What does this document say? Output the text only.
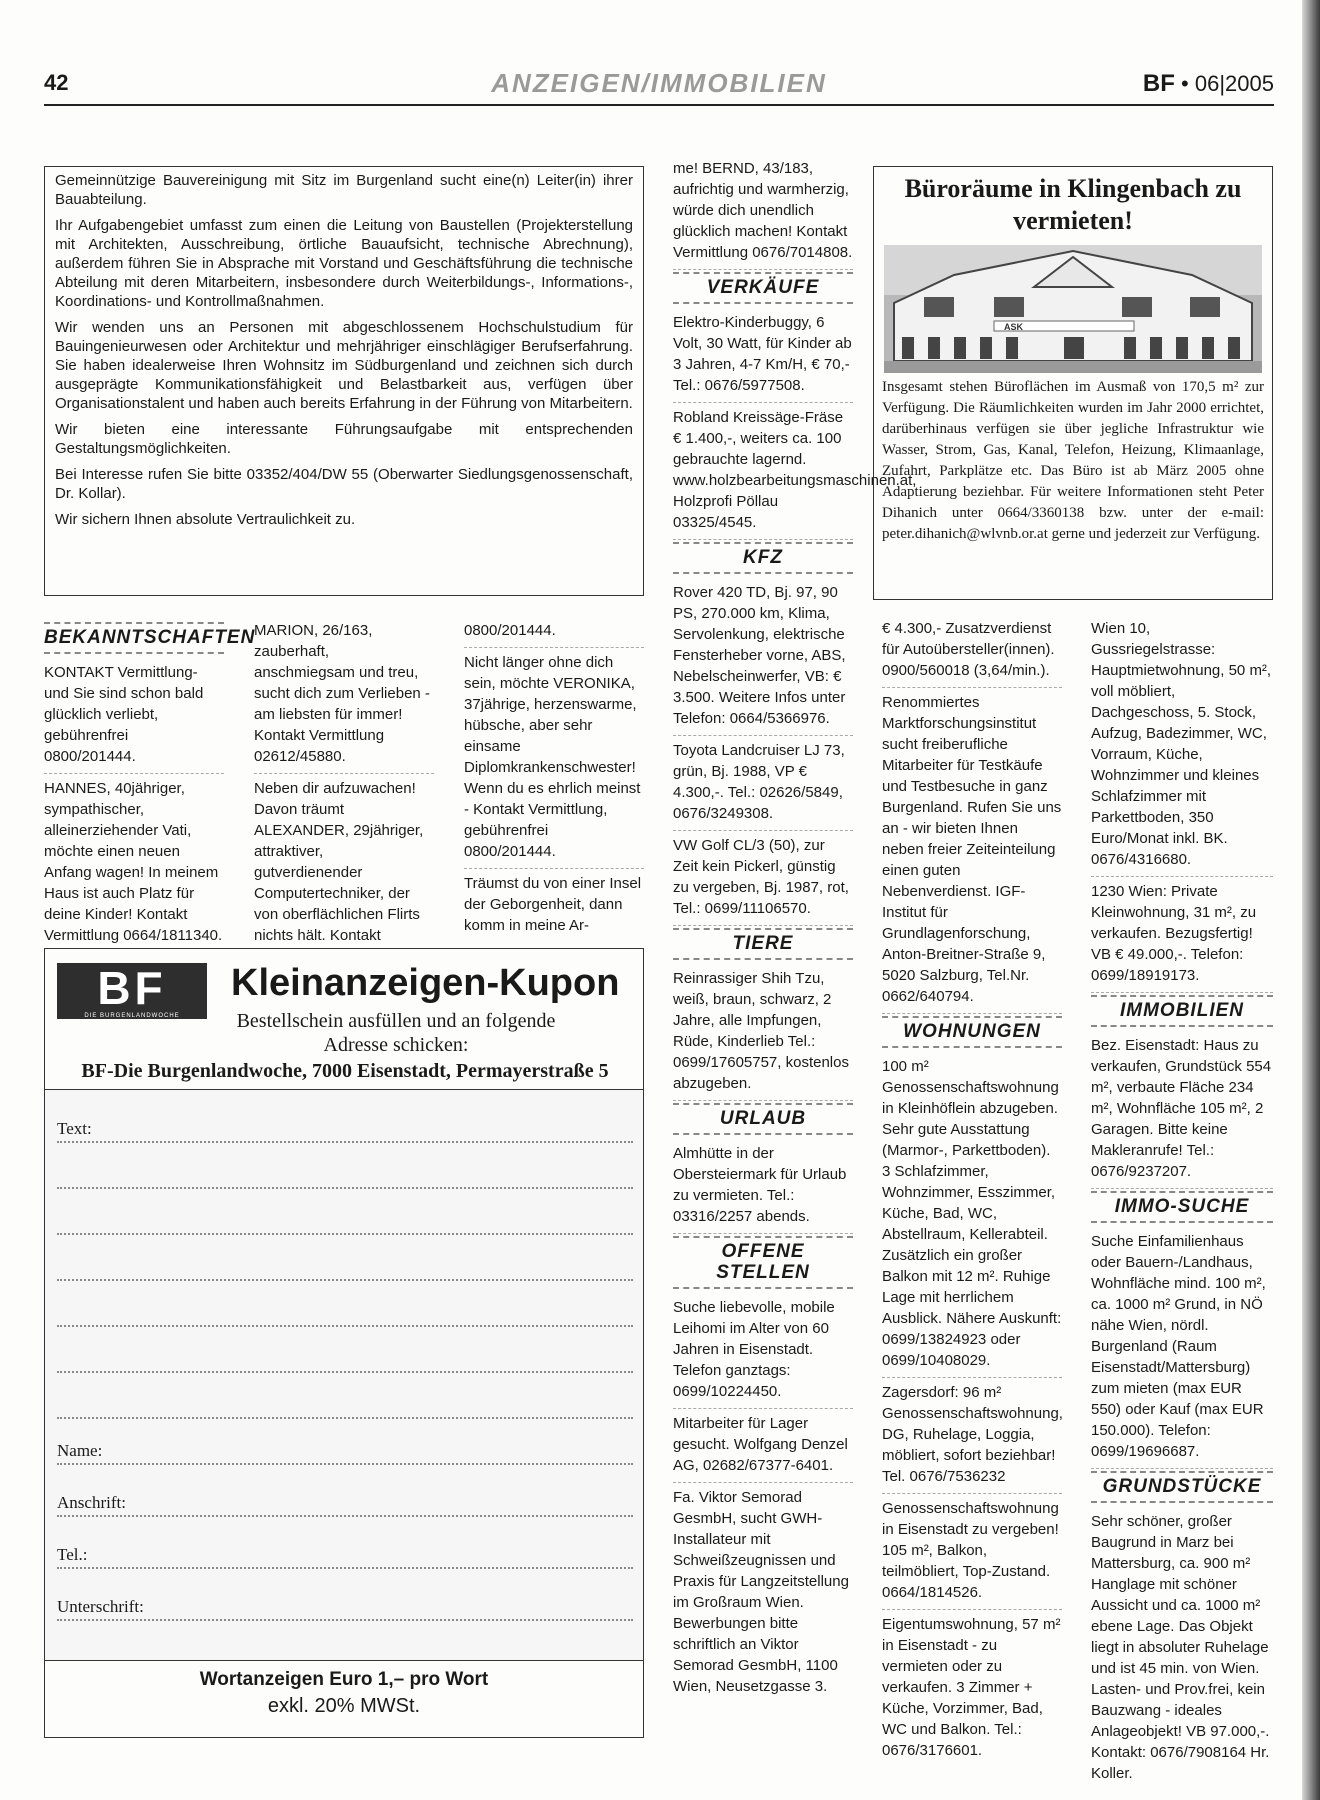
42	ANZEIGEN/IMMOBILIEN	BF • 06|2005

Gemeinnützige Bauvereinigung mit Sitz im Burgenland sucht eine(n) Leiter(in) ihrer Bauabteilung.

Ihr Aufgabengebiet umfasst zum einen die Leitung von Baustellen (Projekterstellung mit Architekten, Ausschreibung, örtliche Bauaufsicht, technische Abrechnung), außerdem führen Sie in Absprache mit Vorstand und Geschäftsführung die technische Abteilung mit deren Mitarbeitern, insbesondere durch Weiterbildungs-, Informations-, Koordinations- und Kontrollmaßnahmen.

Wir wenden uns an Personen mit abgeschlossenem Hochschulstudium für Bauingenieurwesen oder Architektur und mehrjähriger einschlägiger Berufserfahrung. Sie haben idealerweise Ihren Wohnsitz im Südburgenland und zeichnen sich durch ausgeprägte Kommunikationsfähigkeit und Belastbarkeit aus, verfügen über Organisationstalent und haben auch bereits Erfahrung in der Führung von Mitarbeitern.

Wir bieten eine interessante Führungsaufgabe mit entsprechenden Gestaltungsmöglichkeiten.

Bei Interesse rufen Sie bitte 03352/404/DW 55 (Oberwarter Siedlungsgenossenschaft, Dr. Kollar).

Wir sichern Ihnen absolute Vertraulichkeit zu.

BEKANNTSCHAFTEN

KONTAKT Vermittlung- und Sie sind schon bald glücklich verliebt, gebührenfrei 0800/201444.

HANNES, 40jähriger, sympathischer, alleinerziehender Vati, möchte einen neuen Anfang wagen! In meinem Haus ist auch Platz für deine Kinder! Kontakt Vermittlung 0664/1811340.

MARION, 26/163, zauberhaft, anschmiegsam und treu, sucht dich zum Verlieben - am liebsten für immer! Kontakt Vermittlung 02612/45880.

Neben dir aufzuwachen! Davon träumt ALEXANDER, 29jähriger, attraktiver, gutverdienender Computertechniker, der von oberflächlichen Flirts nichts hält. Kontakt

0800/201444.

Nicht länger ohne dich sein, möchte VERONIKA, 37jährige, herzenswarme, hübsche, aber sehr einsame Diplomkrankenschwester! Wenn du es ehrlich meinst - Kontakt Vermittlung, gebührenfrei 0800/201444.

Träumst du von einer Insel der Geborgenheit, dann komm in meine Ar-

me! BERND, 43/183, aufrichtig und warmherzig, würde dich unendlich glücklich machen! Kontakt Vermittlung 0676/7014808.

VERKÄUFE

Elektro-Kinderbuggy, 6 Volt, 30 Watt, für Kinder ab 3 Jahren, 4-7 Km/H, € 70,- Tel.: 0676/5977508.

Robland Kreissäge-Fräse € 1.400,-, weiters ca. 100 gebrauchte lagernd. www.holzbearbeitungsmaschinen.at, Holzprofi Pöllau 03325/4545.

KFZ

Rover 420 TD, Bj. 97, 90 PS, 270.000 km, Klima, Servolenkung, elektrische Fensterheber vorne, ABS, Nebelscheinwerfer, VB: € 3.500. Weitere Infos unter Telefon: 0664/5366976.

Toyota Landcruiser LJ 73, grün, Bj. 1988, VP € 4.300,-. Tel.: 02626/5849, 0676/3249308.

VW Golf CL/3 (50), zur Zeit kein Pickerl, günstig zu vergeben, Bj. 1987, rot, Tel.: 0699/11106570.

TIERE

Reinrassiger Shih Tzu, weiß, braun, schwarz, 2 Jahre, alle Impfungen, Rüde, Kinderlieb Tel.: 0699/17605757, kostenlos abzugeben.

URLAUB

Almhütte in der Obersteiermark für Urlaub zu vermieten. Tel.: 03316/2257 abends.

OFFENE STELLEN

Suche liebevolle, mobile Leihomi im Alter von 60 Jahren in Eisenstadt. Telefon ganztags: 0699/10224450.

Mitarbeiter für Lager gesucht. Wolfgang Denzel AG, 02682/67377-6401.

Fa. Viktor Semorad GesmbH, sucht GWH-Installateur mit Schweißzeugnissen und Praxis für Langzeitstellung im Großraum Wien. Bewerbungen bitte schriftlich an Viktor Semorad GesmbH, 1100 Wien, Neusetzgasse 3.

Büroräume in Klingenbach zu vermieten!
ASK
Insgesamt stehen Büroflächen im Ausmaß von 170,5 m² zur Verfügung. Die Räumlichkeiten wurden im Jahr 2000 errichtet, darüberhinaus verfügen sie über jegliche Infrastruktur wie Wasser, Strom, Gas, Kanal, Telefon, Heizung, Klimaanlage, Zufahrt, Parkplätze etc. Das Büro ist ab März 2005 ohne Adaptierung beziehbar. Für weitere Informationen steht Peter Dihanich unter 0664/3360138 bzw. unter der e-mail: peter.dihanich@wlvnb.or.at gerne und jederzeit zur Verfügung.

€ 4.300,- Zusatzverdienst für Autoübersteller(innen). 0900/560018 (3,64/min.).

Renommiertes Marktforschungsinstitut sucht freiberufliche Mitarbeiter für Testkäufe und Testbesuche in ganz Burgenland. Rufen Sie uns an - wir bieten Ihnen neben freier Zeiteinteilung einen guten Nebenverdienst. IGF-Institut für Grundlagenforschung, Anton-Breitner-Straße 9, 5020 Salzburg, Tel.Nr. 0662/640794.

WOHNUNGEN

100 m² Genossenschaftswohnung in Kleinhöflein abzugeben. Sehr gute Ausstattung (Marmor-, Parkettboden). 3 Schlafzimmer, Wohnzimmer, Esszimmer, Küche, Bad, WC, Abstellraum, Kellerabteil. Zusätzlich ein großer Balkon mit 12 m². Ruhige Lage mit herrlichem Ausblick. Nähere Auskunft: 0699/13824923 oder 0699/10408029.

Zagersdorf: 96 m² Genossenschaftswohnung, DG, Ruhelage, Loggia, möbliert, sofort beziehbar! Tel. 0676/7536232

Genossenschaftswohnung in Eisenstadt zu vergeben! 105 m², Balkon, teilmöbliert, Top-Zustand. 0664/1814526.

Eigentumswohnung, 57 m² in Eisenstadt - zu vermieten oder zu verkaufen. 3 Zimmer + Küche, Vorzimmer, Bad, WC und Balkon. Tel.: 0676/3176601.

Wien 10, Gussriegelstrasse: Hauptmietwohnung, 50 m², voll möbliert, Dachgeschoss, 5. Stock, Aufzug, Badezimmer, WC, Vorraum, Küche, Wohnzimmer und kleines Schlafzimmer mit Parkettboden, 350 Euro/Monat inkl. BK. 0676/4316680.

1230 Wien: Private Kleinwohnung, 31 m², zu verkaufen. Bezugsfertig! VB € 49.000,-. Telefon: 0699/18919173.

IMMOBILIEN

Bez. Eisenstadt: Haus zu verkaufen, Grundstück 554 m², verbaute Fläche 234 m², Wohnfläche 105 m², 2 Garagen. Bitte keine Makleranrufe! Tel.: 0676/9237207.

IMMO-SUCHE

Suche Einfamilienhaus oder Bauern-/Landhaus, Wohnfläche mind. 100 m², ca. 1000 m² Grund, in NÖ nähe Wien, nördl. Burgenland (Raum Eisenstadt/Mattersburg) zum mieten (max EUR 550) oder Kauf (max EUR 150.000). Telefon: 0699/19696687.

GRUNDSTÜCKE

Sehr schöner, großer Baugrund in Marz bei Mattersburg, ca. 900 m² Hanglage mit schöner Aussicht und ca. 1000 m² ebene Lage. Das Objekt liegt in absoluter Ruhelage und ist 45 min. von Wien. Lasten- und Prov.frei, kein Bauzwang - ideales Anlageobjekt! VB 97.000,-. Kontakt: 0676/7908164 Hr. Koller.

BF
DIE BURGENLANDWOCHE
Kleinanzeigen-Kupon
Bestellschein ausfüllen und an folgende Adresse schicken:
BF-Die Burgenlandwoche, 7000 Eisenstadt, Permayerstraße 5
Text:
Name:
Anschrift:
Tel.:
Unterschrift:
Wortanzeigen Euro 1,– pro Wort
exkl. 20% MWSt.
